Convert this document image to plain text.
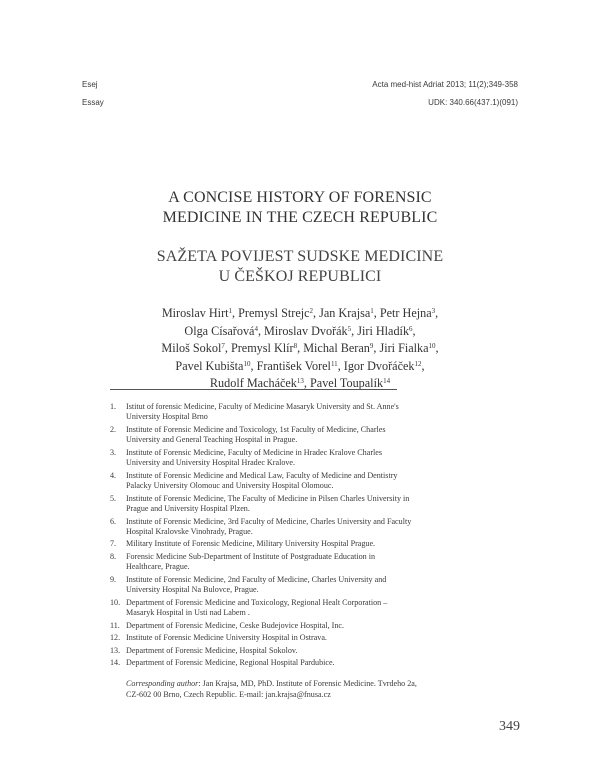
Esej	Acta med-hist Adriat 2013; 11(2);349-358
Essay	UDK: 340.66(437.1)(091)
A CONCISE HISTORY OF FORENSIC
MEDICINE IN THE CZECH REPUBLIC
SAŽETA POVIJEST SUDSKE MEDICINE
U ČEŠKOJ REPUBLICI
Miroslav Hirt$^1$, Premysl Strejc$^2$, Jan Krajsa$^1$, Petr Hejna$^3$,
Olga Císařová$^4$, Miroslav Dvořák$^5$, Jiri Hladík$^6$,
Miloš Sokol$^7$, Premysl Klír$^8$, Michal Beran$^9$, Jiri Fialka$^{10}$,
Pavel Kubišta$^{10}$, František Vorel$^{11}$, Igor Dvořáček$^{12}$,
Rudolf Macháček$^{13}$, Pavel Toupalík$^{14}$
1. Istitut of forensic Medicine, Faculty of Medicine Masaryk University and St. Anne's
University Hospital Brno
2. Institute of Forensic Medicine and Toxicology, 1st Faculty of Medicine, Charles
University and General Teaching Hospital in Prague.
3. Institute of Forensic Medicine, Faculty of Medicine in Hradec Kralove Charles
University and University Hospital Hradec Kralove.
4. Institute of Forensic Medicine and Medical Law, Faculty of Medicine and Dentistry
Palacky University Olomouc and University Hospital Olomouc.
5. Institute of Forensic Medicine, The Faculty of Medicine in Pilsen Charles University in
Prague and University Hospital Plzen.
6. Institute of Forensic Medicine, 3rd Faculty of Medicine, Charles University and Faculty
Hospital Kralovske Vinohrady, Prague.
7. Military Institute of Forensic Medicine, Military University Hospital Prague.
8. Forensic Medicine Sub-Department of Institute of Postgraduate Education in
Healthcare, Prague.
9. Institute of Forensic Medicine, 2nd Faculty of Medicine, Charles University and
University Hospital Na Bulovce, Prague.
10. Department of Forensic Medicine and Toxicology, Regional Healt Corporation –
Masaryk Hospital in Usti nad Labem .
11. Department of Forensic Medicine, Ceske Budejovice Hospital, Inc.
12. Institute of Forensic Medicine University Hospital in Ostrava.
13. Department of Forensic Medicine, Hospital Sokolov.
14. Department of Forensic Medicine, Regional Hospital Pardubice.
Corresponding author: Jan Krajsa, MD, PhD. Institute of Forensic Medicine. Tvrdeho 2a,
CZ-602 00 Brno, Czech Republic. E-mail: jan.krajsa@fnusa.cz
349
